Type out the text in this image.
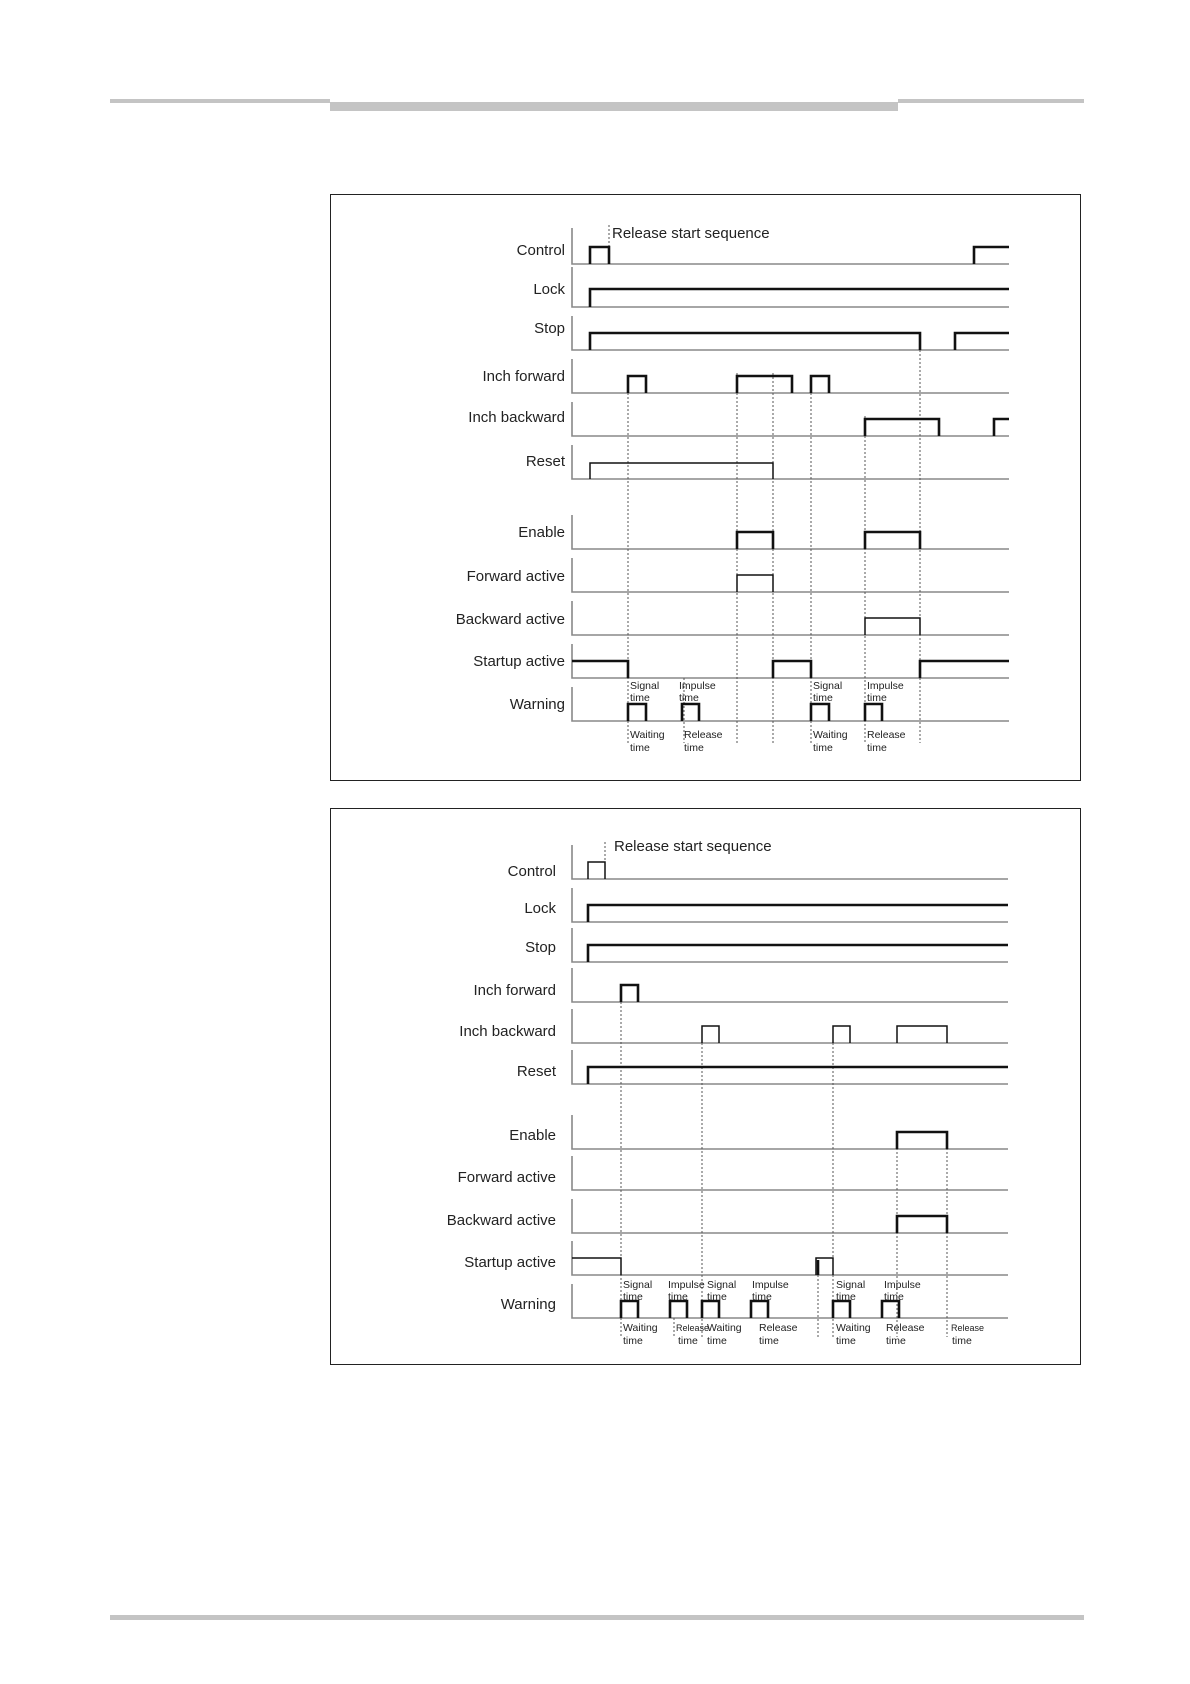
Control
Lock
Stop
Inch forward
Inch backward
Reset
Enable
Forward active
Backward active
Startup active
Warning
Release start sequence
Signal time
Impulse time
Signal time
Impulse time
Waiting time
Release time
Waiting time
Release time
Control
Lock
Stop
Inch forward
Inch backward
Reset
Enable
Forward active
Backward active
Startup active
Warning
Release start sequence
Signal time
Impulse time
Signal time
Impulse time
Signal time
Impulse time
Waiting time
Release time
Waiting time
Release time
Waiting time
Release time
Release time
